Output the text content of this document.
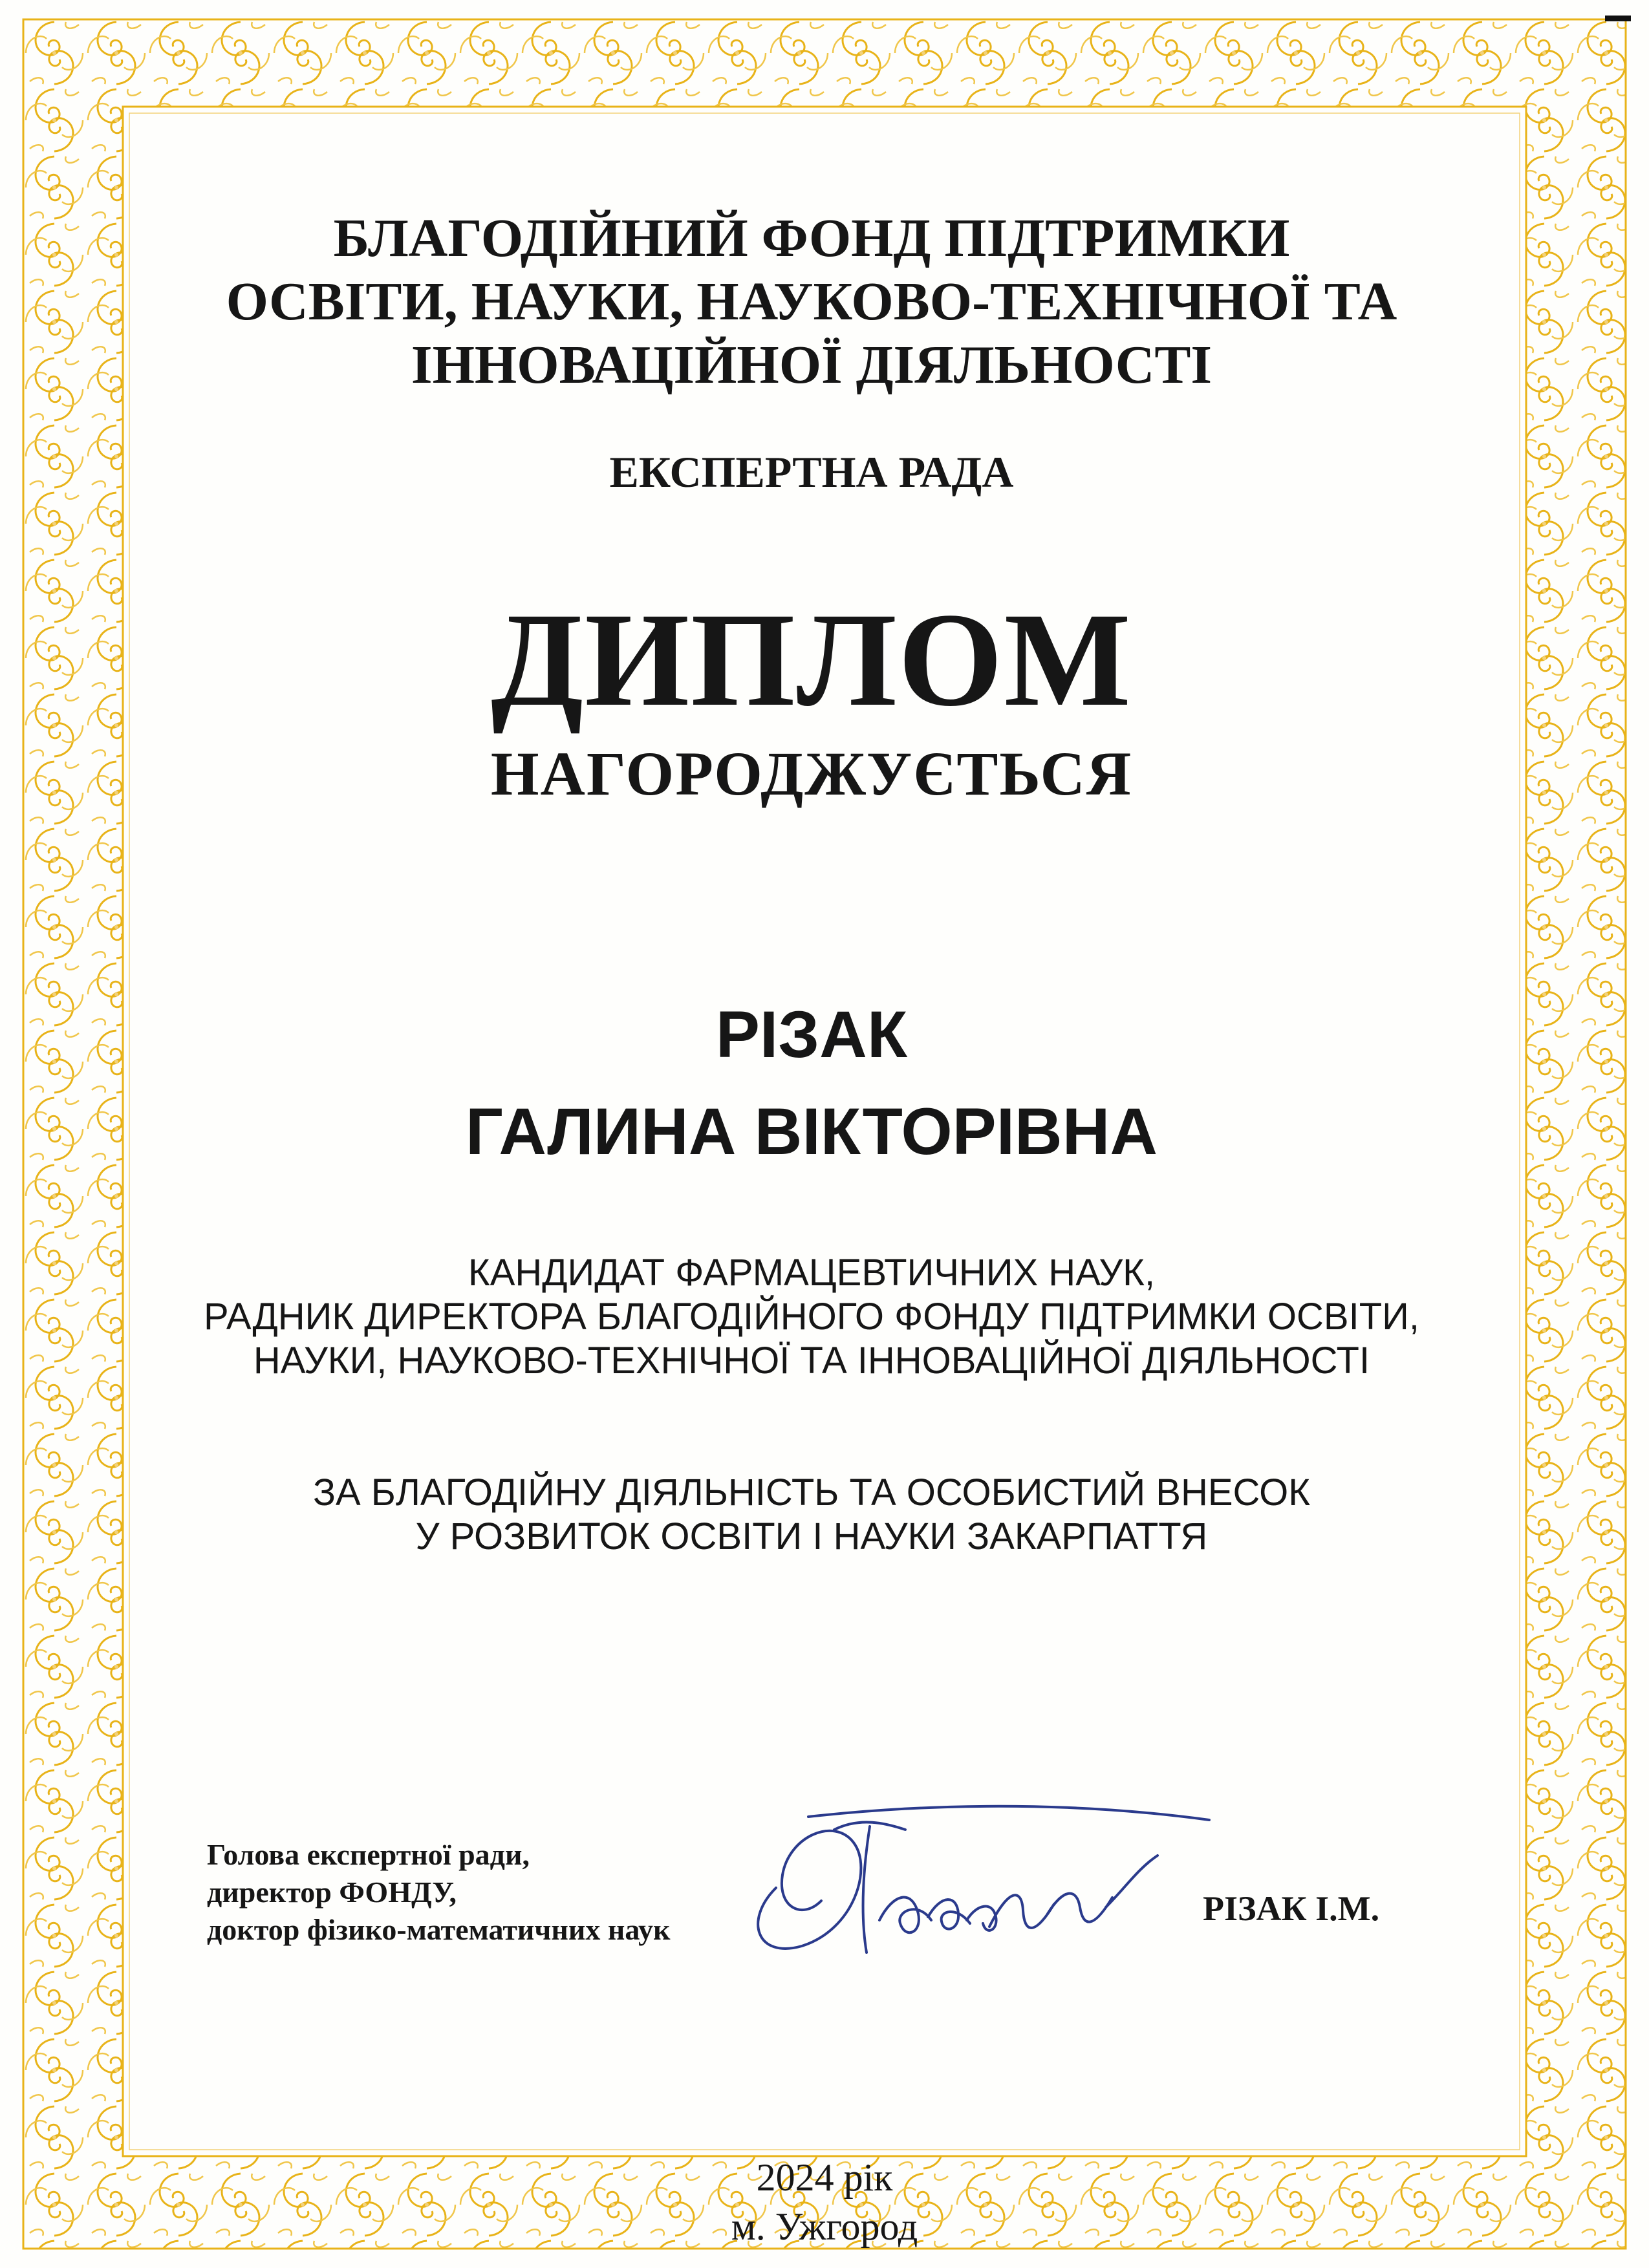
БЛАГОДІЙНИЙ ФОНД ПІДТРИМКИ
ОСВІТИ, НАУКИ, НАУКОВО-ТЕХНІЧНОЇ ТА
ІННОВАЦІЙНОЇ ДІЯЛЬНОСТІ
ЕКСПЕРТНА РАДА
ДИПЛОМ
НАГОРОДЖУЄТЬСЯ
РІЗАК
ГАЛИНА ВІКТОРІВНА
КАНДИДАТ ФАРМАЦЕВТИЧНИХ НАУК,
РАДНИК ДИРЕКТОРА БЛАГОДІЙНОГО ФОНДУ ПІДТРИМКИ ОСВІТИ,
НАУКИ, НАУКОВО-ТЕХНІЧНОЇ ТА ІННОВАЦІЙНОЇ ДІЯЛЬНОСТІ
ЗА БЛАГОДІЙНУ ДІЯЛЬНІСТЬ ТА ОСОБИСТИЙ ВНЕСОК
У РОЗВИТОК ОСВІТИ І НАУКИ ЗАКАРПАТТЯ
Голова експертної ради,
директор ФОНДУ,
доктор фізико-математичних наук
РІЗАК І.М.
2024 рік
м. Ужгород
